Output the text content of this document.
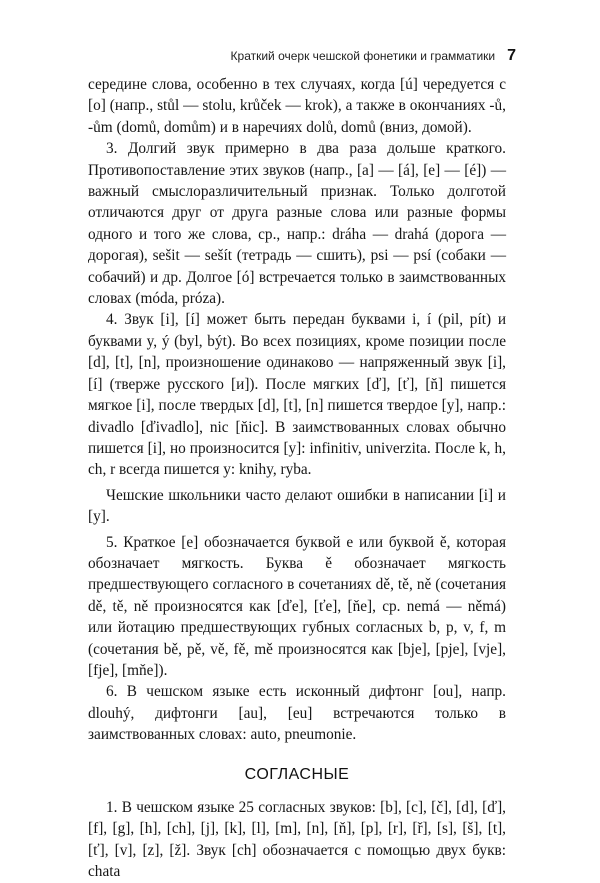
Краткий очерк чешской фонетики и грамматики 7

середине слова, особенно в тех случаях, когда [ú] чередуется с [o] (напр., stůl — stolu, krůček — krok), а также в окончаниях -ů, -ům (domů, domům) и в наречиях dolů, domů (вниз, домой).

3. Долгий звук примерно в два раза дольше краткого. Противопоставление этих звуков (напр., [a] — [á], [e] — [é]) — важный смыслоразличительный признак. Только долготой отличаются друг от друга разные слова или разные формы одного и того же слова, ср., напр.: dráha — drahá (дорога — дорогая), sešit — sešít (тетрадь — сшить), psi — psí (собаки — собачий) и др. Долгое [ó] встречается только в заимствованных словах (móda, próza).

4. Звук [i], [í] может быть передан буквами i, í (pil, pít) и буквами y, ý (byl, být). Во всех позициях, кроме позиции после [d], [t], [n], произношение одинаково — напряженный звук [i], [í] (тверже русского [и]). После мягких [ď], [ť], [ň] пишется мягкое [i], после твердых [d], [t], [n] пишется твердое [y], напр.: divadlo [ďivadlo], nic [ňic]. В заимствованных словах обычно пишется [i], но произносится [y]: infinitiv, univerzita. После k, h, ch, r всегда пишется y: knihy, ryba.

Чешские школьники часто делают ошибки в написании [i] и [y].

5. Краткое [e] обозначается буквой e или буквой ě, которая обозначает мягкость. Буква ě обозначает мягкость предшествующего согласного в сочетаниях dě, tě, ně (сочетания dě, tě, ně произносятся как [ďe], [ťe], [ňe], ср. nemá — němá) или йотацию предшествующих губных согласных b, p, v, f, m (сочетания bě, pě, vě, fě, mě произносятся как [bje], [pje], [vje], [fje], [mňe]).

6. В чешском языке есть исконный дифтонг [ou], напр. dlouhý, дифтонги [au], [eu] встречаются только в заимствованных словах: auto, pneumonie.

СОГЛАСНЫЕ

1. В чешском языке 25 согласных звуков: [b], [c], [č], [d], [ď], [f], [g], [h], [ch], [j], [k], [l], [m], [n], [ň], [p], [r], [ř], [s], [š], [t], [ť], [v], [z], [ž]. Звук [ch] обозначается с помощью двух букв: chata
